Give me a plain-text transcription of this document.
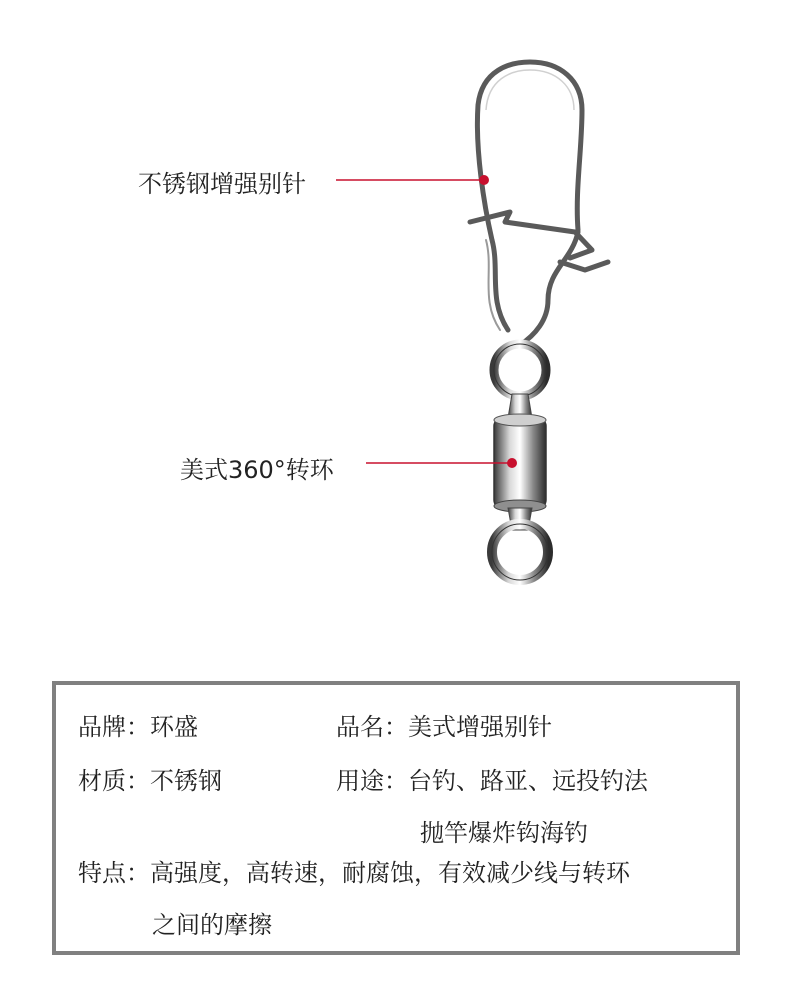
不锈钢增强别针
美式360°转环
品牌：环盛	品名：美式增强别针
材质：不锈钢	用途：台钓、路亚、远投钓法
抛竿爆炸钩海钓
特点：高强度，高转速，耐腐蚀，有效减少线与转环
之间的摩擦
